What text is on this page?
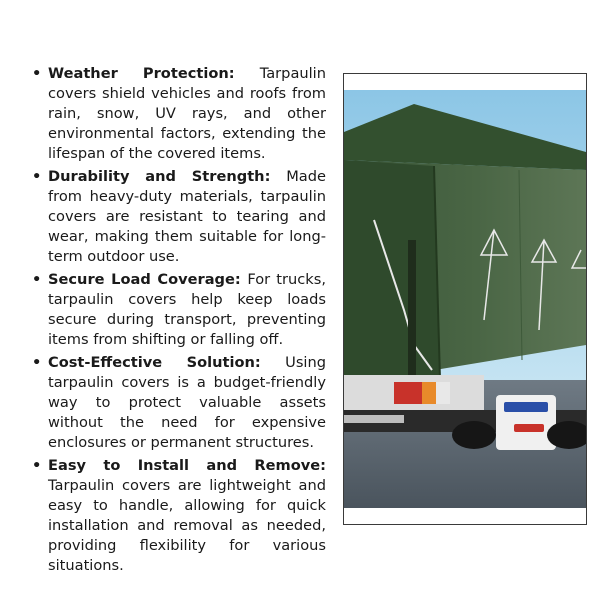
• Weather Protection: Tarpaulin covers shield vehicles and roofs from rain, snow, UV rays, and other environmental factors, extending the lifespan of the covered items.
• Durability and Strength: Made from heavy-duty materials, tarpaulin covers are resistant to tearing and wear, making them suitable for long-term outdoor use.
• Secure Load Coverage: For trucks, tarpaulin covers help keep loads secure during transport, preventing items from shifting or falling off.
• Cost-Effective Solution: Using tarpaulin covers is a budget-friendly way to protect valuable assets without the need for expensive enclosures or permanent structures.
• Easy to Install and Remove: Tarpaulin covers are lightweight and easy to handle, allowing for quick installation and removal as needed, providing flexibility for various situations.
